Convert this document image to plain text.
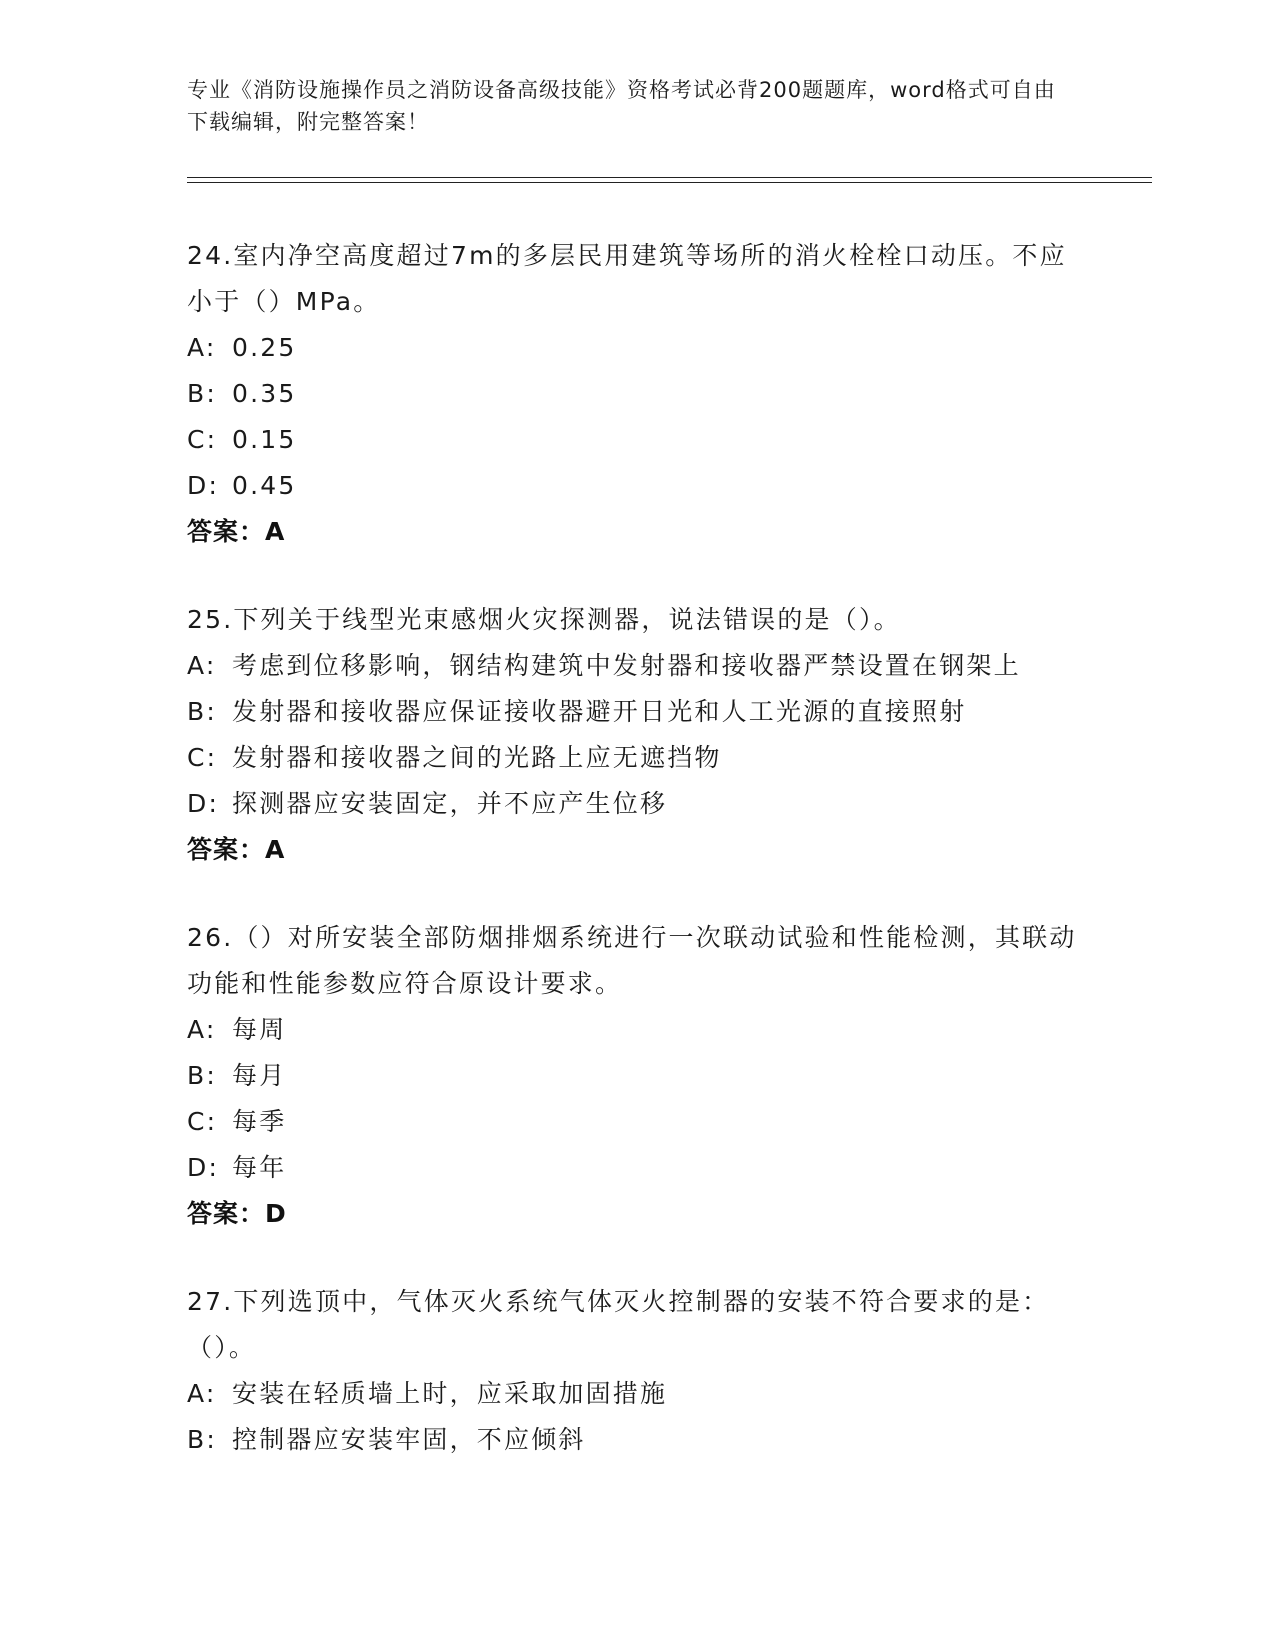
专业《消防设施操作员之消防设备高级技能》资格考试必背200题题库，word格式可自由下载编辑，附完整答案！

24.室内净空高度超过7m的多层民用建筑等场所的消火栓栓口动压。不应小于（）MPa。

A: 0.25

B: 0.35

C: 0.15

D: 0.45

答案：A

25.下列关于线型光束感烟火灾探测器，说法错误的是（）。

A: 考虑到位移影响，钢结构建筑中发射器和接收器严禁设置在钢架上

B: 发射器和接收器应保证接收器避开日光和人工光源的直接照射

C: 发射器和接收器之间的光路上应无遮挡物

D: 探测器应安装固定，并不应产生位移

答案：A

26.（）对所安装全部防烟排烟系统进行一次联动试验和性能检测，其联动功能和性能参数应符合原设计要求。

A: 每周

B: 每月

C: 每季

D: 每年

答案：D

27.下列选顶中，气体灭火系统气体灭火控制器的安装不符合要求的是：（）。

A: 安装在轻质墙上时，应采取加固措施

B: 控制器应安装牢固，不应倾斜
